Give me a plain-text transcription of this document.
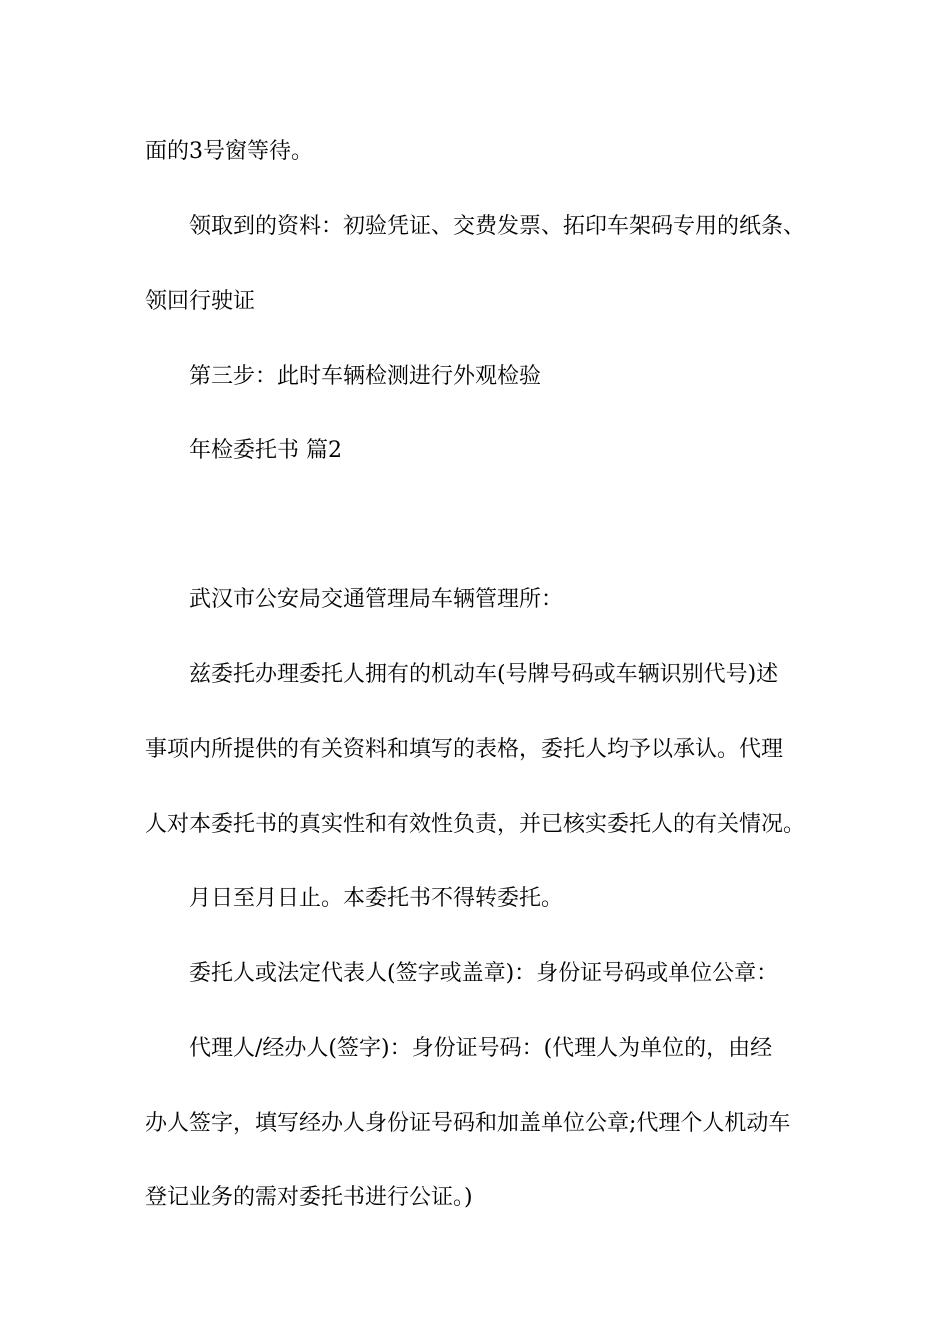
面的3号窗等待。
领取到的资料：初验凭证、交费发票、拓印车架码专用的纸条、
领回行驶证
第三步：此时车辆检测进行外观检验
年检委托书 篇2
武汉市公安局交通管理局车辆管理所：
兹委托办理委托人拥有的机动车(号牌号码或车辆识别代号)述
事项内所提供的有关资料和填写的表格，委托人均予以承认。代理
人对本委托书的真实性和有效性负责，并已核实委托人的有关情况。
月日至月日止。本委托书不得转委托。
委托人或法定代表人(签字或盖章)：身份证号码或单位公章：
代理人/经办人(签字)：身份证号码：(代理人为单位的，由经
办人签字，填写经办人身份证号码和加盖单位公章;代理个人机动车
登记业务的需对委托书进行公证。)
